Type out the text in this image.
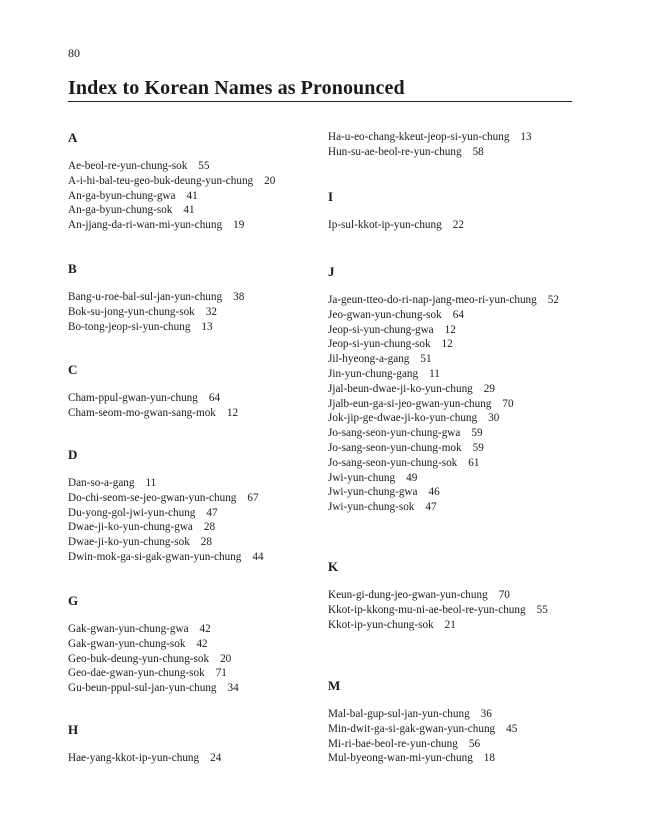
80
Index to Korean Names as Pronounced
A
Ae-beol-re-yun-chung-sok 55
A-i-hi-bal-teu-geo-buk-deung-yun-chung 20
An-ga-byun-chung-gwa 41
An-ga-byun-chung-sok 41
An-jjang-da-ri-wan-mi-yun-chung 19
B
Bang-u-roe-bal-sul-jan-yun-chung 38
Bok-su-jong-yun-chung-sok 32
Bo-tong-jeop-si-yun-chung 13
C
Cham-ppul-gwan-yun-chung 64
Cham-seom-mo-gwan-sang-mok 12
D
Dan-so-a-gang 11
Do-chi-seom-se-jeo-gwan-yun-chung 67
Du-yong-gol-jwi-yun-chung 47
Dwae-ji-ko-yun-chung-gwa 28
Dwae-ji-ko-yun-chung-sok 28
Dwin-mok-ga-si-gak-gwan-yun-chung 44
G
Gak-gwan-yun-chung-gwa 42
Gak-gwan-yun-chung-sok 42
Geo-buk-deung-yun-chung-sok 20
Geo-dae-gwan-yun-chung-sok 71
Gu-beun-ppul-sul-jan-yun-chung 34
H
Hae-yang-kkot-ip-yun-chung 24
Ha-u-eo-chang-kkeut-jeop-si-yun-chung 13
Hun-su-ae-beol-re-yun-chung 58
I
Ip-sul-kkot-ip-yun-chung 22
J
Ja-geun-tteo-do-ri-nap-jang-meo-ri-yun-chung 52
Jeo-gwan-yun-chung-sok 64
Jeop-si-yun-chung-gwa 12
Jeop-si-yun-chung-sok 12
Jil-hyeong-a-gang 51
Jin-yun-chung-gang 11
Jjal-beun-dwae-ji-ko-yun-chung 29
Jjalb-eun-ga-si-jeo-gwan-yun-chung 70
Jok-jip-ge-dwae-ji-ko-yun-chung 30
Jo-sang-seon-yun-chung-gwa 59
Jo-sang-seon-yun-chung-mok 59
Jo-sang-seon-yun-chung-sok 61
Jwi-yun-chung 49
Jwi-yun-chung-gwa 46
Jwi-yun-chung-sok 47
K
Keun-gi-dung-jeo-gwan-yun-chung 70
Kkot-ip-kkong-mu-ni-ae-beol-re-yun-chung 55
Kkot-ip-yun-chung-sok 21
M
Mal-bal-gup-sul-jan-yun-chung 36
Min-dwit-ga-si-gak-gwan-yun-chung 45
Mi-ri-bae-beol-re-yun-chung 56
Mul-byeong-wan-mi-yun-chung 18
